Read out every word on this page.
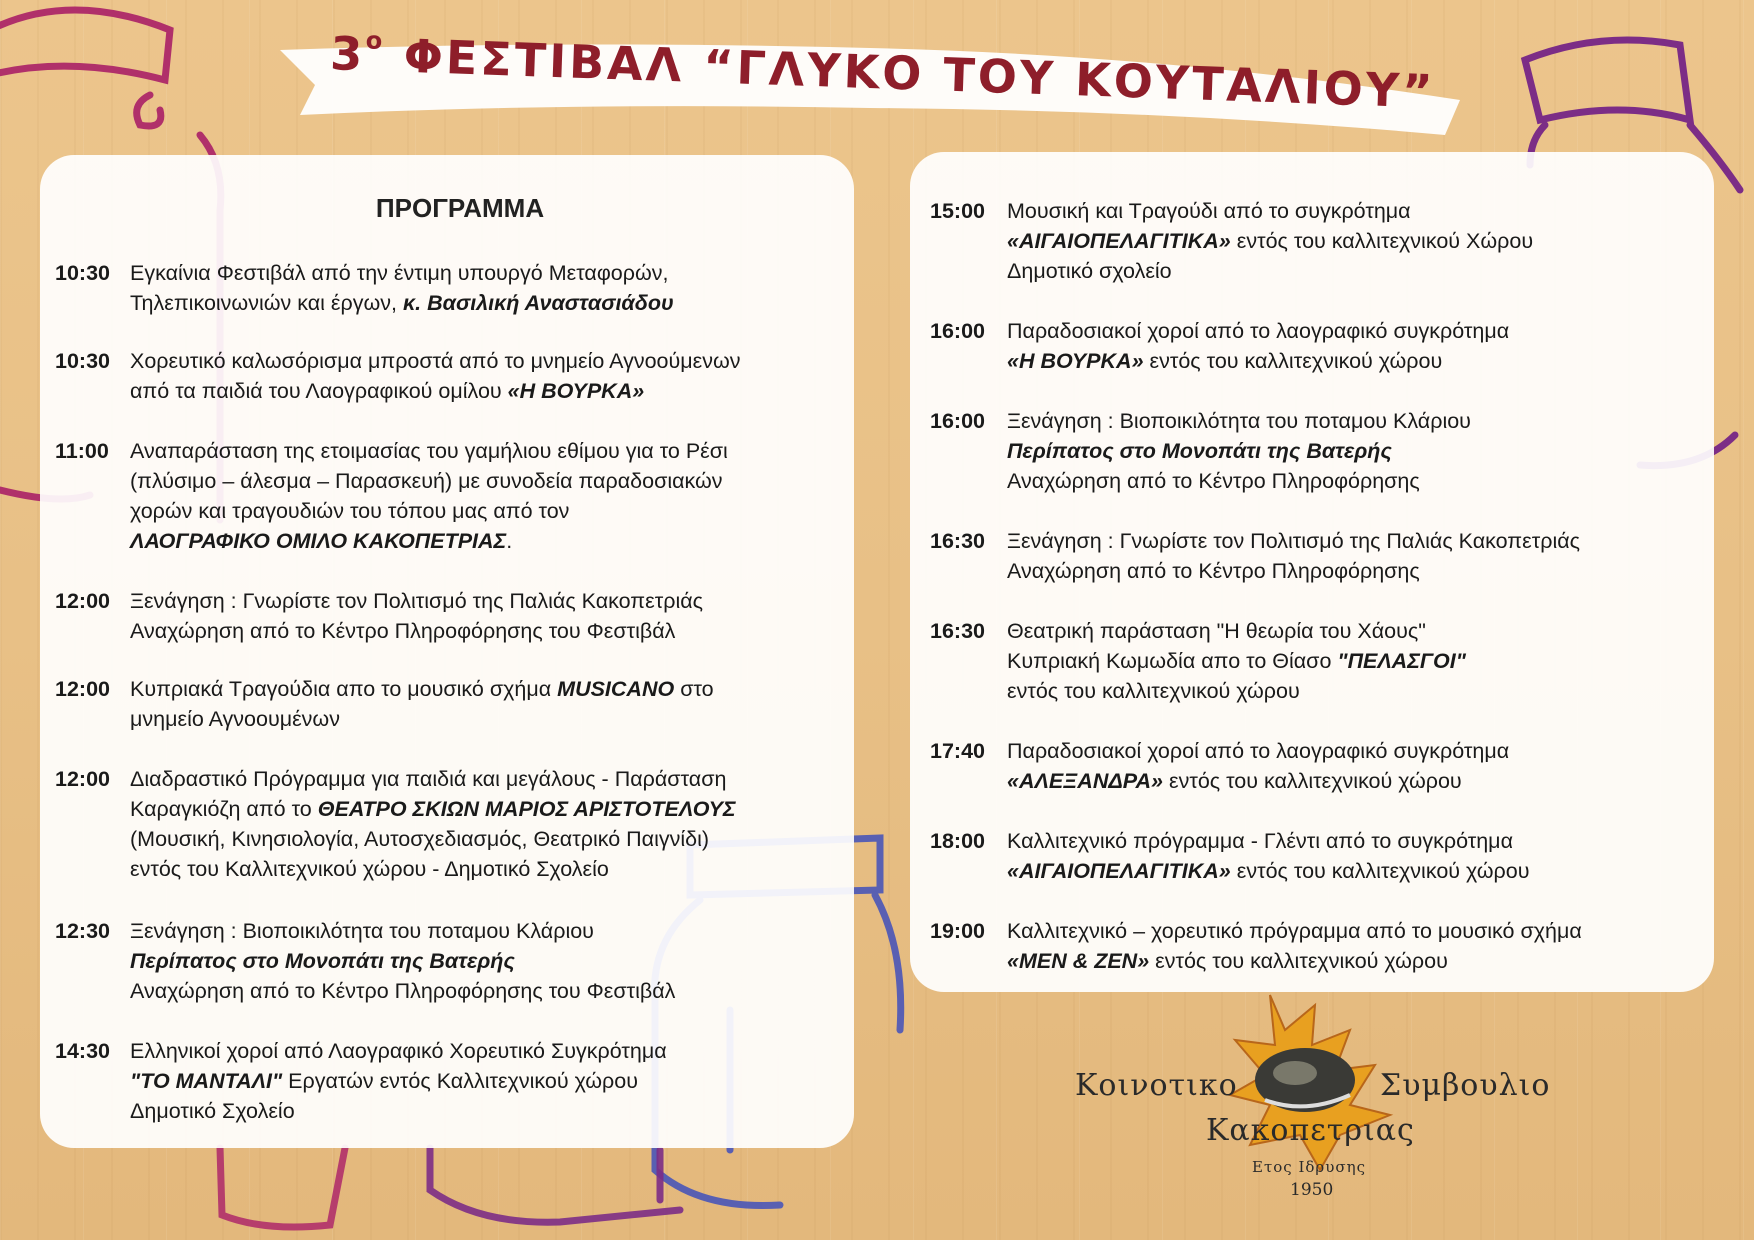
$3^o$ ΦΕΣΤΙΒΑΛ “ΓΛΥΚΟ ΤΟΥ ΚΟΥΤΑΛΙΟΥ”
ΠΡΟΓΡΑΜΜΑ
10:30 Εγκαίνια Φεστιβάλ από την έντιμη υπουργό Μεταφορών,
Τηλεπικοινωνιών και έργων, κ. Βασιλική Αναστασιάδου
10:30 Χορευτικό καλωσόρισμα μπροστά από το μνημείο Αγνοούμενων
από τα παιδιά του Λαογραφικού ομίλου «Η ΒΟΥΡΚΑ»
11:00 Αναπαράσταση της ετοιμασίας του γαμήλιου εθίμου για το Ρέσι
(πλύσιμο – άλεσμα – Παρασκευή) με συνοδεία παραδοσιακών
χορών και τραγουδιών του τόπου μας από τον
ΛΑΟΓΡΑΦΙΚΟ ΟΜΙΛΟ ΚΑΚΟΠΕΤΡΙΑΣ.
12:00 Ξενάγηση : Γνωρίστε τον Πολιτισμό της Παλιάς Κακοπετριάς
Αναχώρηση από το Κέντρο Πληροφόρησης του Φεστιβάλ
12:00 Κυπριακά Τραγούδια απο το μουσικό σχήμα MUSICANO στο
μνημείο Αγνοουμένων
12:00 Διαδραστικό Πρόγραμμα για παιδιά και μεγάλους - Παράσταση
Καραγκιόζη από το ΘΕΑΤΡΟ ΣΚΙΩΝ ΜΑΡΙΟΣ ΑΡΙΣΤΟΤΕΛΟΥΣ
(Μουσική, Κινησιολογία, Αυτοσχεδιασμός, Θεατρικό Παιγνίδι)
εντός του Καλλιτεχνικού χώρου - Δημοτικό Σχολείο
12:30 Ξενάγηση : Βιοποικιλότητα του ποταμου Κλάριου
Περίπατος στο Μονοπάτι της Βατερής
Αναχώρηση από το Κέντρο Πληροφόρησης του Φεστιβάλ
14:30 Ελληνικοί χοροί από Λαογραφικό Χορευτικό Συγκρότημα
"ΤΟ ΜΑΝΤΑΛΙ" Εργατών εντός Καλλιτεχνικού χώρου
Δημοτικό Σχολείο
15:00 Μουσική και Τραγούδι από το συγκρότημα
«ΑΙΓΑΙΟΠΕΛΑΓΙΤΙΚΑ» εντός του καλλιτεχνικού Χώρου
Δημοτικό σχολείο
16:00 Παραδοσιακοί χοροί από το λαογραφικό συγκρότημα
«Η ΒΟΥΡΚΑ» εντός του καλλιτεχνικού χώρου
16:00 Ξενάγηση : Βιοποικιλότητα του ποταμου Κλάριου
Περίπατος στο Μονοπάτι της Βατερής
Αναχώρηση από το Κέντρο Πληροφόρησης
16:30 Ξενάγηση : Γνωρίστε τον Πολιτισμό της Παλιάς Κακοπετριάς
Αναχώρηση από το Κέντρο Πληροφόρησης
16:30 Θεατρική παράσταση "Η θεωρία του Χάους"
Κυπριακή Κωμωδία απο το Θίασο "ΠΕΛΑΣΓΟΙ"
εντός του καλλιτεχνικού χώρου
17:40 Παραδοσιακοί χοροί από το λαογραφικό συγκρότημα
«ΑΛΕΞΑΝΔΡΑ» εντός του καλλιτεχνικού χώρου
18:00 Καλλιτεχνικό πρόγραμμα - Γλέντι από το συγκρότημα
«ΑΙΓΑΙΟΠΕΛΑΓΙΤΙΚΑ» εντός του καλλιτεχνικού χώρου
19:00 Καλλιτεχνικό – χορευτικό πρόγραμμα από το μουσικό σχήμα
«MEN & ZEN» εντός του καλλιτεχνικού χώρου
Κοινοτικο	Συμβουλιο
Κακοπετριας
Ετος Ιδρυσης
1950
